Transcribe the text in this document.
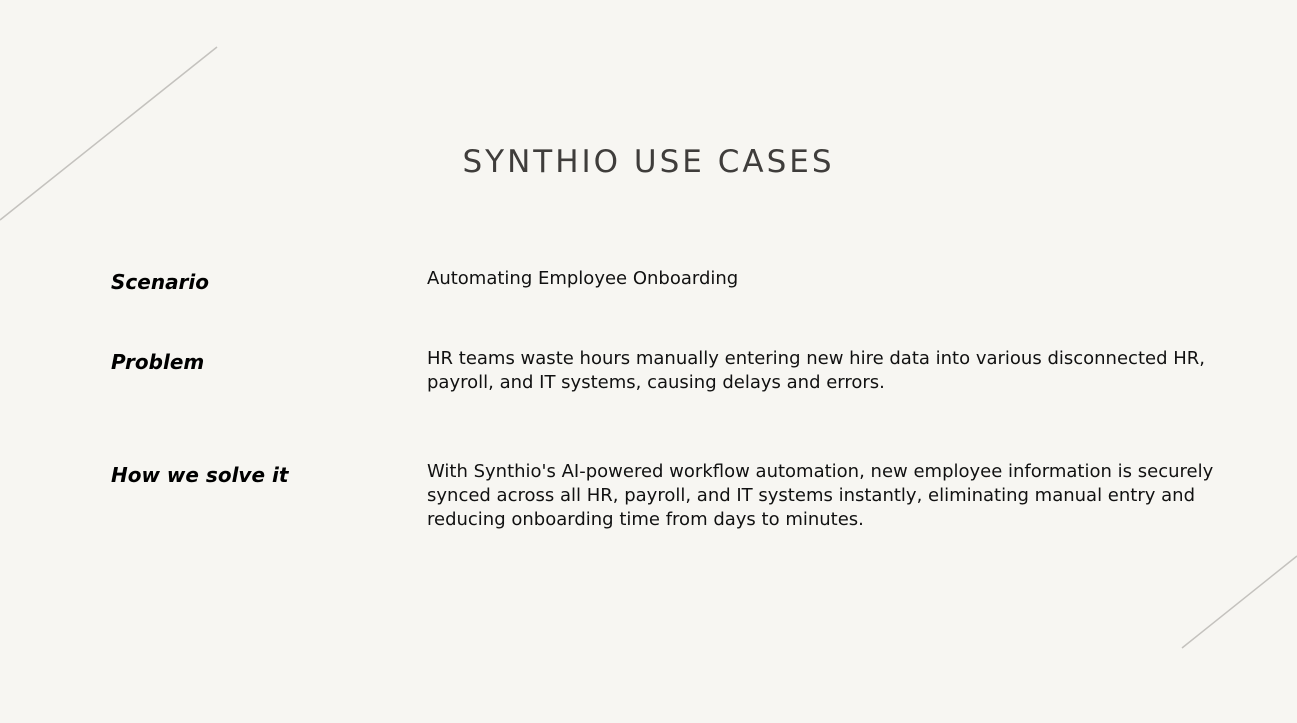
SYNTHIO USE CASES
Scenario	Automating Employee Onboarding
Problem	HR teams waste hours manually entering new hire data into various disconnected HR, payroll, and IT systems, causing delays and errors.
How we solve it	With Synthio's AI-powered workflow automation, new employee information is securely synced across all HR, payroll, and IT systems instantly, eliminating manual entry and reducing onboarding time from days to minutes.
